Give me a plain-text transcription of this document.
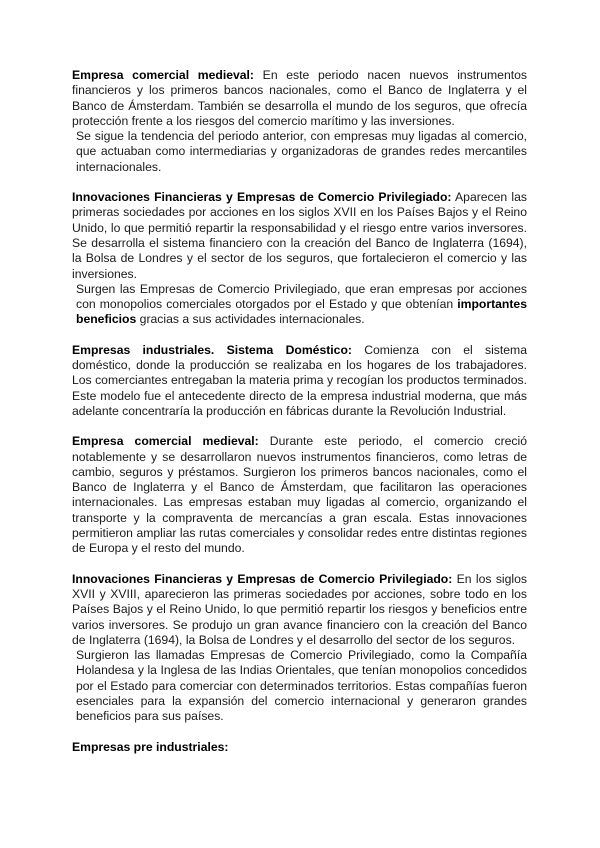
Empresa comercial medieval: En este periodo nacen nuevos instrumentos financieros y los primeros bancos nacionales, como el Banco de Inglaterra y el Banco de Ámsterdam. También se desarrolla el mundo de los seguros, que ofrecía protección frente a los riesgos del comercio marítimo y las inversiones.

Se sigue la tendencia del periodo anterior, con empresas muy ligadas al comercio, que actuaban como intermediarias y organizadoras de grandes redes mercantiles internacionales.

Innovaciones Financieras y Empresas de Comercio Privilegiado: Aparecen las primeras sociedades por acciones en los siglos XVII en los Países Bajos y el Reino Unido, lo que permitió repartir la responsabilidad y el riesgo entre varios inversores. Se desarrolla el sistema financiero con la creación del Banco de Inglaterra (1694), la Bolsa de Londres y el sector de los seguros, que fortalecieron el comercio y las inversiones.

Surgen las Empresas de Comercio Privilegiado, que eran empresas por acciones con monopolios comerciales otorgados por el Estado y que obtenían importantes beneficios gracias a sus actividades internacionales.

Empresas industriales. Sistema Doméstico: Comienza con el sistema doméstico, donde la producción se realizaba en los hogares de los trabajadores. Los comerciantes entregaban la materia prima y recogían los productos terminados. Este modelo fue el antecedente directo de la empresa industrial moderna, que más adelante concentraría la producción en fábricas durante la Revolución Industrial.

Empresa comercial medieval: Durante este periodo, el comercio creció notablemente y se desarrollaron nuevos instrumentos financieros, como letras de cambio, seguros y préstamos. Surgieron los primeros bancos nacionales, como el Banco de Inglaterra y el Banco de Ámsterdam, que facilitaron las operaciones internacionales. Las empresas estaban muy ligadas al comercio, organizando el transporte y la compraventa de mercancías a gran escala. Estas innovaciones permitieron ampliar las rutas comerciales y consolidar redes entre distintas regiones de Europa y el resto del mundo.

Innovaciones Financieras y Empresas de Comercio Privilegiado: En los siglos XVII y XVIII, aparecieron las primeras sociedades por acciones, sobre todo en los Países Bajos y el Reino Unido, lo que permitió repartir los riesgos y beneficios entre varios inversores. Se produjo un gran avance financiero con la creación del Banco de Inglaterra (1694), la Bolsa de Londres y el desarrollo del sector de los seguros.

Surgieron las llamadas Empresas de Comercio Privilegiado, como la Compañía Holandesa y la Inglesa de las Indias Orientales, que tenían monopolios concedidos por el Estado para comerciar con determinados territorios. Estas compañías fueron esenciales para la expansión del comercio internacional y generaron grandes beneficios para sus países.

Empresas pre industriales:
